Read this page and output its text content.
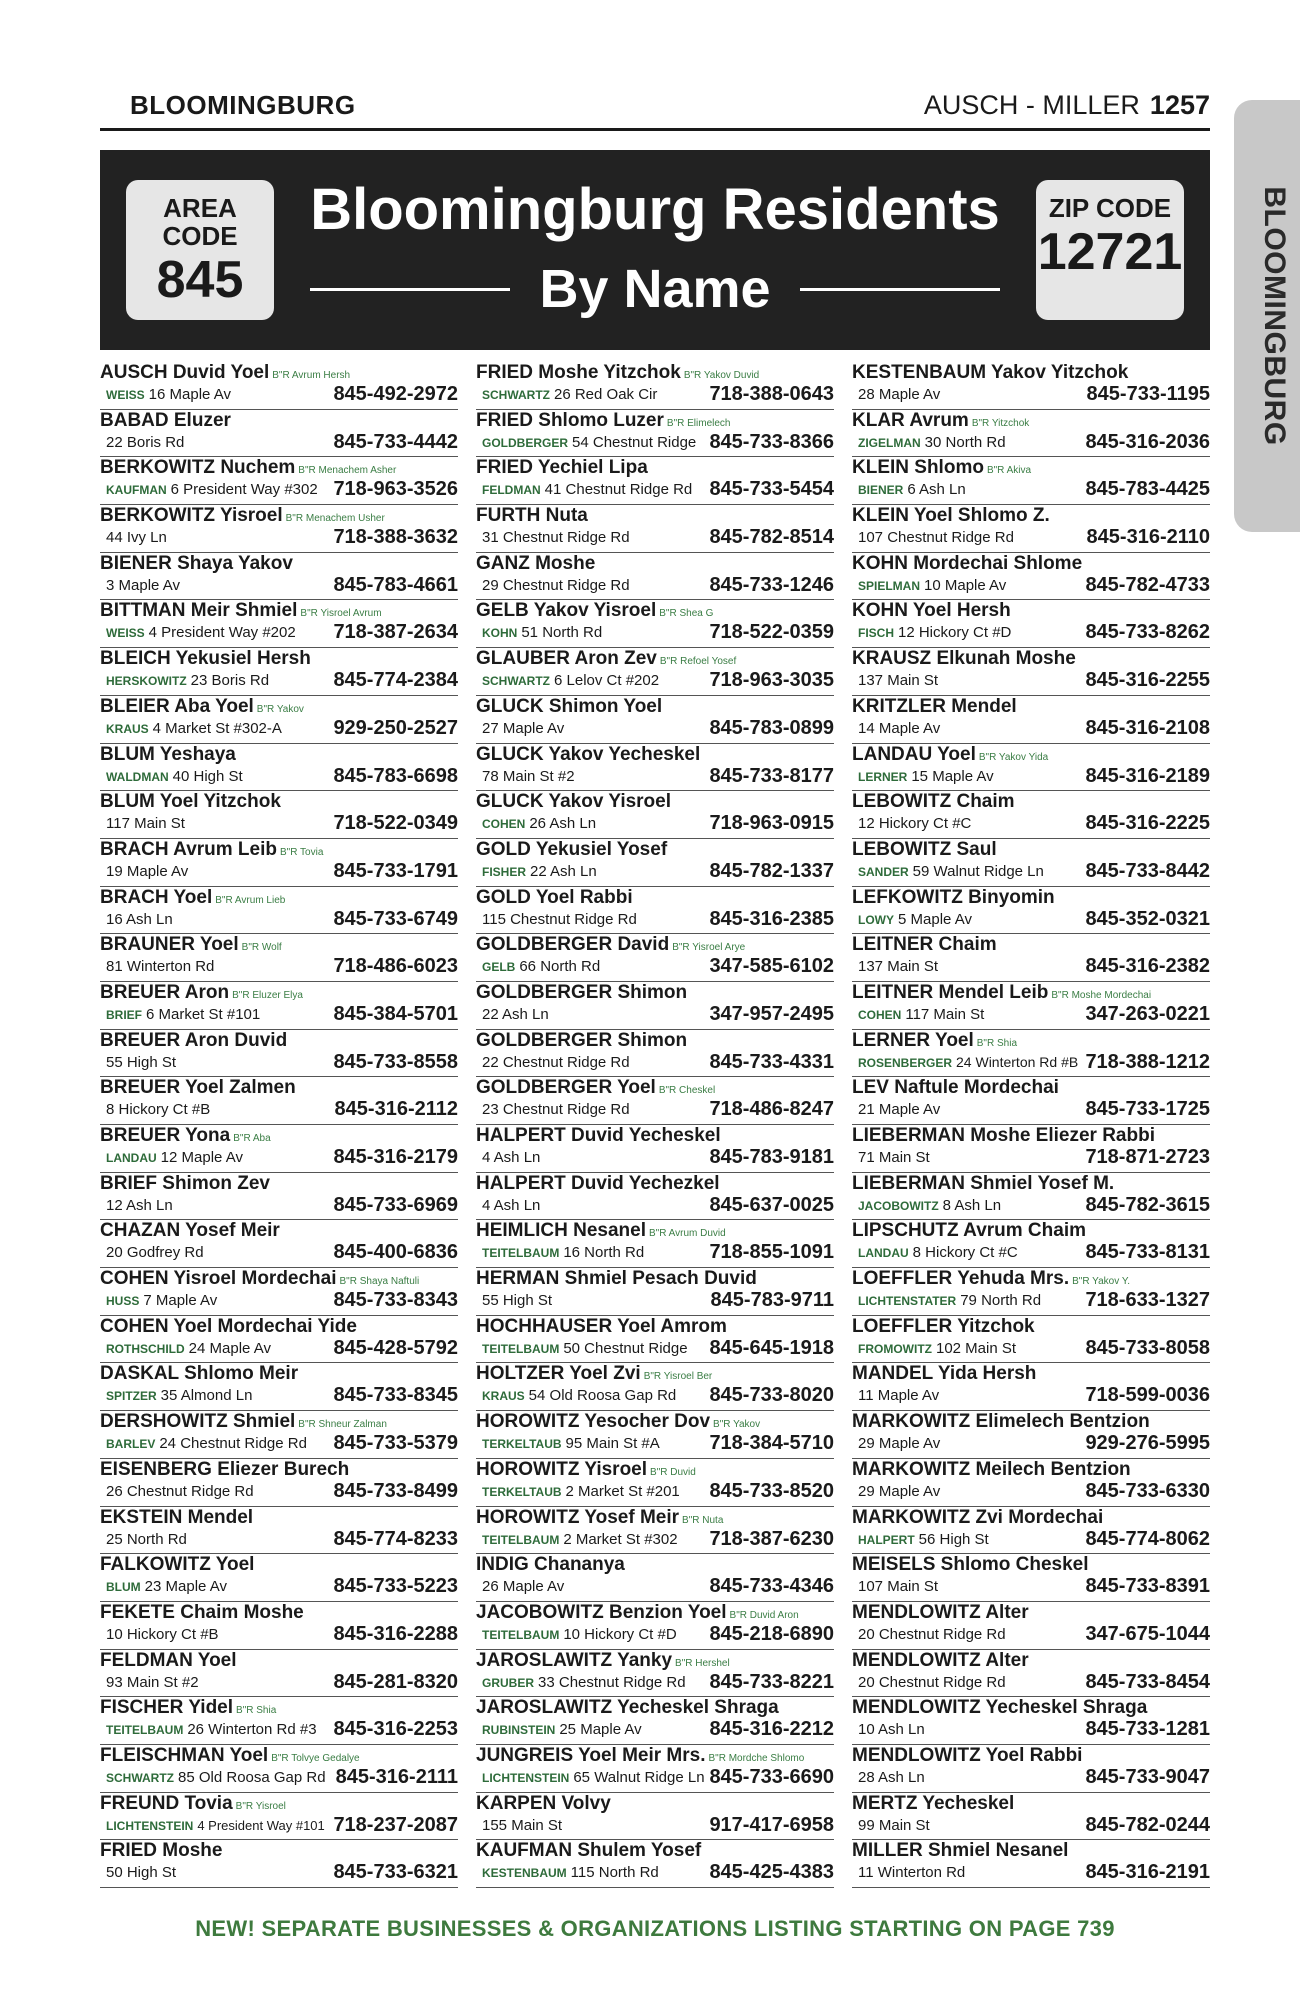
BLOOMINGBURG	AUSCH - MILLER 1257
BLOOMINGBURG
AREA CODE
845
Bloomingburg Residents
By Name
ZIP CODE
12721
AUSCH Duvid Yoel B"R Avrum Hersh
WEISS 16 Maple Av	845-492-2972
BABAD Eluzer
22 Boris Rd	845-733-4442
BERKOWITZ Nuchem B"R Menachem Asher
KAUFMAN 6 President Way #302 718-963-3526
BERKOWITZ Yisroel B"R Menachem Usher
44 Ivy Ln	718-388-3632
BIENER Shaya Yakov
3 Maple Av	845-783-4661
BITTMAN Meir Shmiel B"R Yisroel Avrum
WEISS 4 President Way #202 718-387-2634
BLEICH Yekusiel Hersh
HERSKOWITZ 23 Boris Rd	845-774-2384
BLEIER Aba Yoel B"R Yakov
KRAUS 4 Market St #302-A	929-250-2527
BLUM Yeshaya
WALDMAN 40 High St	845-783-6698
BLUM Yoel Yitzchok
117 Main St	718-522-0349
BRACH Avrum Leib B"R Tovia
19 Maple Av	845-733-1791
BRACH Yoel B"R Avrum Lieb
16 Ash Ln	845-733-6749
BRAUNER Yoel B"R Wolf
81 Winterton Rd	718-486-6023
BREUER Aron B"R Eluzer Elya
BRIEF 6 Market St #101	845-384-5701
BREUER Aron Duvid
55 High St	845-733-8558
BREUER Yoel Zalmen
8 Hickory Ct #B	845-316-2112
BREUER Yona B"R Aba
LANDAU 12 Maple Av	845-316-2179
BRIEF Shimon Zev
12 Ash Ln	845-733-6969
CHAZAN Yosef Meir
20 Godfrey Rd	845-400-6836
COHEN Yisroel Mordechai B"R Shaya Naftuli
HUSS 7 Maple Av	845-733-8343
COHEN Yoel Mordechai Yide
ROTHSCHILD 24 Maple Av	845-428-5792
DASKAL Shlomo Meir
SPITZER 35 Almond Ln	845-733-8345
DERSHOWITZ Shmiel B"R Shneur Zalman
BARLEV 24 Chestnut Ridge Rd 845-733-5379
EISENBERG Eliezer Burech
26 Chestnut Ridge Rd	845-733-8499
EKSTEIN Mendel
25 North Rd	845-774-8233
FALKOWITZ Yoel
BLUM 23 Maple Av	845-733-5223
FEKETE Chaim Moshe
10 Hickory Ct #B	845-316-2288
FELDMAN Yoel
93 Main St #2	845-281-8320
FISCHER Yidel B"R Shia
TEITELBAUM 26 Winterton Rd #3 845-316-2253
FLEISCHMAN Yoel B"R Tolvye Gedalye
SCHWARTZ 85 Old Roosa Gap Rd 845-316-2111
FREUND Tovia B"R Yisroel
LICHTENSTEIN 4 President Way #101 718-237-2087
FRIED Moshe
50 High St	845-733-6321
FRIED Moshe Yitzchok B"R Yakov Duvid
SCHWARTZ 26 Red Oak Cir	718-388-0643
FRIED Shlomo Luzer B"R Elimelech
GOLDBERGER 54 Chestnut Ridge 845-733-8366
FRIED Yechiel Lipa
FELDMAN 41 Chestnut Ridge Rd 845-733-5454
FURTH Nuta
31 Chestnut Ridge Rd	845-782-8514
GANZ Moshe
29 Chestnut Ridge Rd	845-733-1246
GELB Yakov Yisroel B"R Shea G
KOHN 51 North Rd	718-522-0359
GLAUBER Aron Zev B"R Refoel Yosef
SCHWARTZ 6 Lelov Ct #202	718-963-3035
GLUCK Shimon Yoel
27 Maple Av	845-783-0899
GLUCK Yakov Yecheskel
78 Main St #2	845-733-8177
GLUCK Yakov Yisroel
COHEN 26 Ash Ln	718-963-0915
GOLD Yekusiel Yosef
FISHER 22 Ash Ln	845-782-1337
GOLD Yoel Rabbi
115 Chestnut Ridge Rd	845-316-2385
GOLDBERGER David B"R Yisroel Arye
GELB 66 North Rd	347-585-6102
GOLDBERGER Shimon
22 Ash Ln	347-957-2495
GOLDBERGER Shimon
22 Chestnut Ridge Rd	845-733-4331
GOLDBERGER Yoel B"R Cheskel
23 Chestnut Ridge Rd	718-486-8247
HALPERT Duvid Yecheskel
4 Ash Ln	845-783-9181
HALPERT Duvid Yechezkel
4 Ash Ln	845-637-0025
HEIMLICH Nesanel B"R Avrum Duvid
TEITELBAUM 16 North Rd	718-855-1091
HERMAN Shmiel Pesach Duvid
55 High St	845-783-9711
HOCHHAUSER Yoel Amrom
TEITELBAUM 50 Chestnut Ridge 845-645-1918
HOLTZER Yoel Zvi B"R Yisroel Ber
KRAUS 54 Old Roosa Gap Rd 845-733-8020
HOROWITZ Yesocher Dov B"R Yakov
TERKELTAUB 95 Main St #A 718-384-5710
HOROWITZ Yisroel B"R Duvid
TERKELTAUB 2 Market St #201 845-733-8520
HOROWITZ Yosef Meir B"R Nuta
TEITELBAUM 2 Market St #302 718-387-6230
INDIG Chananya
26 Maple Av	845-733-4346
JACOBOWITZ Benzion Yoel B"R Duvid Aron
TEITELBAUM 10 Hickory Ct #D 845-218-6890
JAROSLAWITZ Yanky B"R Hershel
GRUBER 33 Chestnut Ridge Rd 845-733-8221
JAROSLAWITZ Yecheskel Shraga
RUBINSTEIN 25 Maple Av	845-316-2212
JUNGREIS Yoel Meir Mrs. B"R Mordche Shlomo
LICHTENSTEIN 65 Walnut Ridge Ln 845-733-6690
KARPEN Volvy
155 Main St	917-417-6958
KAUFMAN Shulem Yosef
KESTENBAUM 115 North Rd	845-425-4383
KESTENBAUM Yakov Yitzchok
28 Maple Av	845-733-1195
KLAR Avrum B"R Yitzchok
ZIGELMAN 30 North Rd	845-316-2036
KLEIN Shlomo B"R Akiva
BIENER 6 Ash Ln	845-783-4425
KLEIN Yoel Shlomo Z.
107 Chestnut Ridge Rd	845-316-2110
KOHN Mordechai Shlome
SPIELMAN 10 Maple Av	845-782-4733
KOHN Yoel Hersh
FISCH 12 Hickory Ct #D	845-733-8262
KRAUSZ Elkunah Moshe
137 Main St	845-316-2255
KRITZLER Mendel
14 Maple Av	845-316-2108
LANDAU Yoel B"R Yakov Yida
LERNER 15 Maple Av	845-316-2189
LEBOWITZ Chaim
12 Hickory Ct #C	845-316-2225
LEBOWITZ Saul
SANDER 59 Walnut Ridge Ln 845-733-8442
LEFKOWITZ Binyomin
LOWY 5 Maple Av	845-352-0321
LEITNER Chaim
137 Main St	845-316-2382
LEITNER Mendel Leib B"R Moshe Mordechai
COHEN 117 Main St	347-263-0221
LERNER Yoel B"R Shia
ROSENBERGER 24 Winterton Rd #B 718-388-1212
LEV Naftule Mordechai
21 Maple Av	845-733-1725
LIEBERMAN Moshe Eliezer Rabbi
71 Main St	718-871-2723
LIEBERMAN Shmiel Yosef M.
JACOBOWITZ 8 Ash Ln	845-782-3615
LIPSCHUTZ Avrum Chaim
LANDAU 8 Hickory Ct #C	845-733-8131
LOEFFLER Yehuda Mrs. B"R Yakov Y.
LICHTENSTATER 79 North Rd 718-633-1327
LOEFFLER Yitzchok
FROMOWITZ 102 Main St	845-733-8058
MANDEL Yida Hersh
11 Maple Av	718-599-0036
MARKOWITZ Elimelech Bentzion
29 Maple Av	929-276-5995
MARKOWITZ Meilech Bentzion
29 Maple Av	845-733-6330
MARKOWITZ Zvi Mordechai
HALPERT 56 High St	845-774-8062
MEISELS Shlomo Cheskel
107 Main St	845-733-8391
MENDLOWITZ Alter
20 Chestnut Ridge Rd	347-675-1044
MENDLOWITZ Alter
20 Chestnut Ridge Rd	845-733-8454
MENDLOWITZ Yecheskel Shraga
10 Ash Ln	845-733-1281
MENDLOWITZ Yoel Rabbi
28 Ash Ln	845-733-9047
MERTZ Yecheskel
99 Main St	845-782-0244
MILLER Shmiel Nesanel
11 Winterton Rd	845-316-2191
NEW! SEPARATE BUSINESSES & ORGANIZATIONS LISTING STARTING ON PAGE 739
